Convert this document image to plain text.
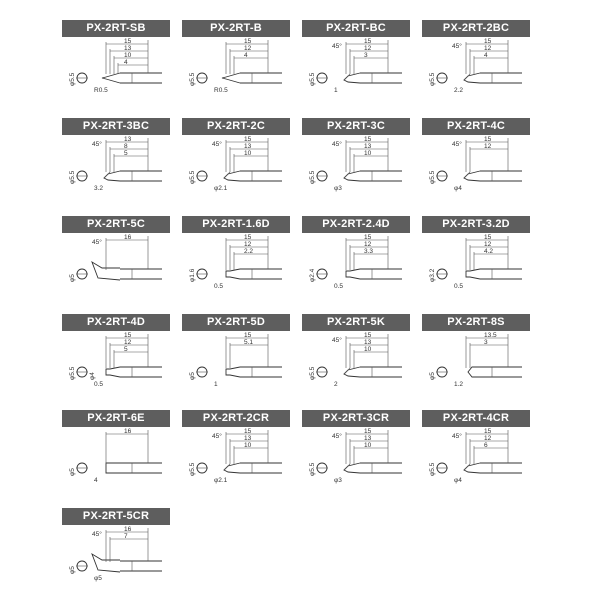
PX-2RT-SB
φ5.5
15
13
10
4
R0.5
PX-2RT-B
φ5.5
15
12
4
R0.5
PX-2RT-BC
φ5.5
15
12
3
45°
1
PX-2RT-2BC
φ5.5
15
12
4
45°
2.2
PX-2RT-3BC
φ5.5
13
8
5
45°
3.2
PX-2RT-2C
φ5.5
15
13
10
45°
φ2.1
PX-2RT-3C
φ5.5
15
13
10
45°
φ3
PX-2RT-4C
φ5.5
15
12
45°
φ4
PX-2RT-5C
φ5
16
45°
PX-2RT-1.6D
φ1.6
15
12
2.2
0.5
PX-2RT-2.4D
φ2.4
15
12
3.3
0.5
PX-2RT-3.2D
φ3.2
15
12
4.2
0.5
PX-2RT-4D
φ5.5 φ4
15
12
5
0.5
PX-2RT-5D
φ5
15
5.1
1
PX-2RT-5K
φ5.5
15
13
10
45°
2
PX-2RT-8S
φ5
13.5
3
1.2
PX-2RT-6E
φ5
16
4
PX-2RT-2CR
φ5.5
15
13
10
45°
φ2.1
PX-2RT-3CR
φ5.5
15
13
10
45°
φ3
PX-2RT-4CR
φ5.5
15
12
6
45°
φ4
PX-2RT-5CR
φ5
16
7
45°
φ5
